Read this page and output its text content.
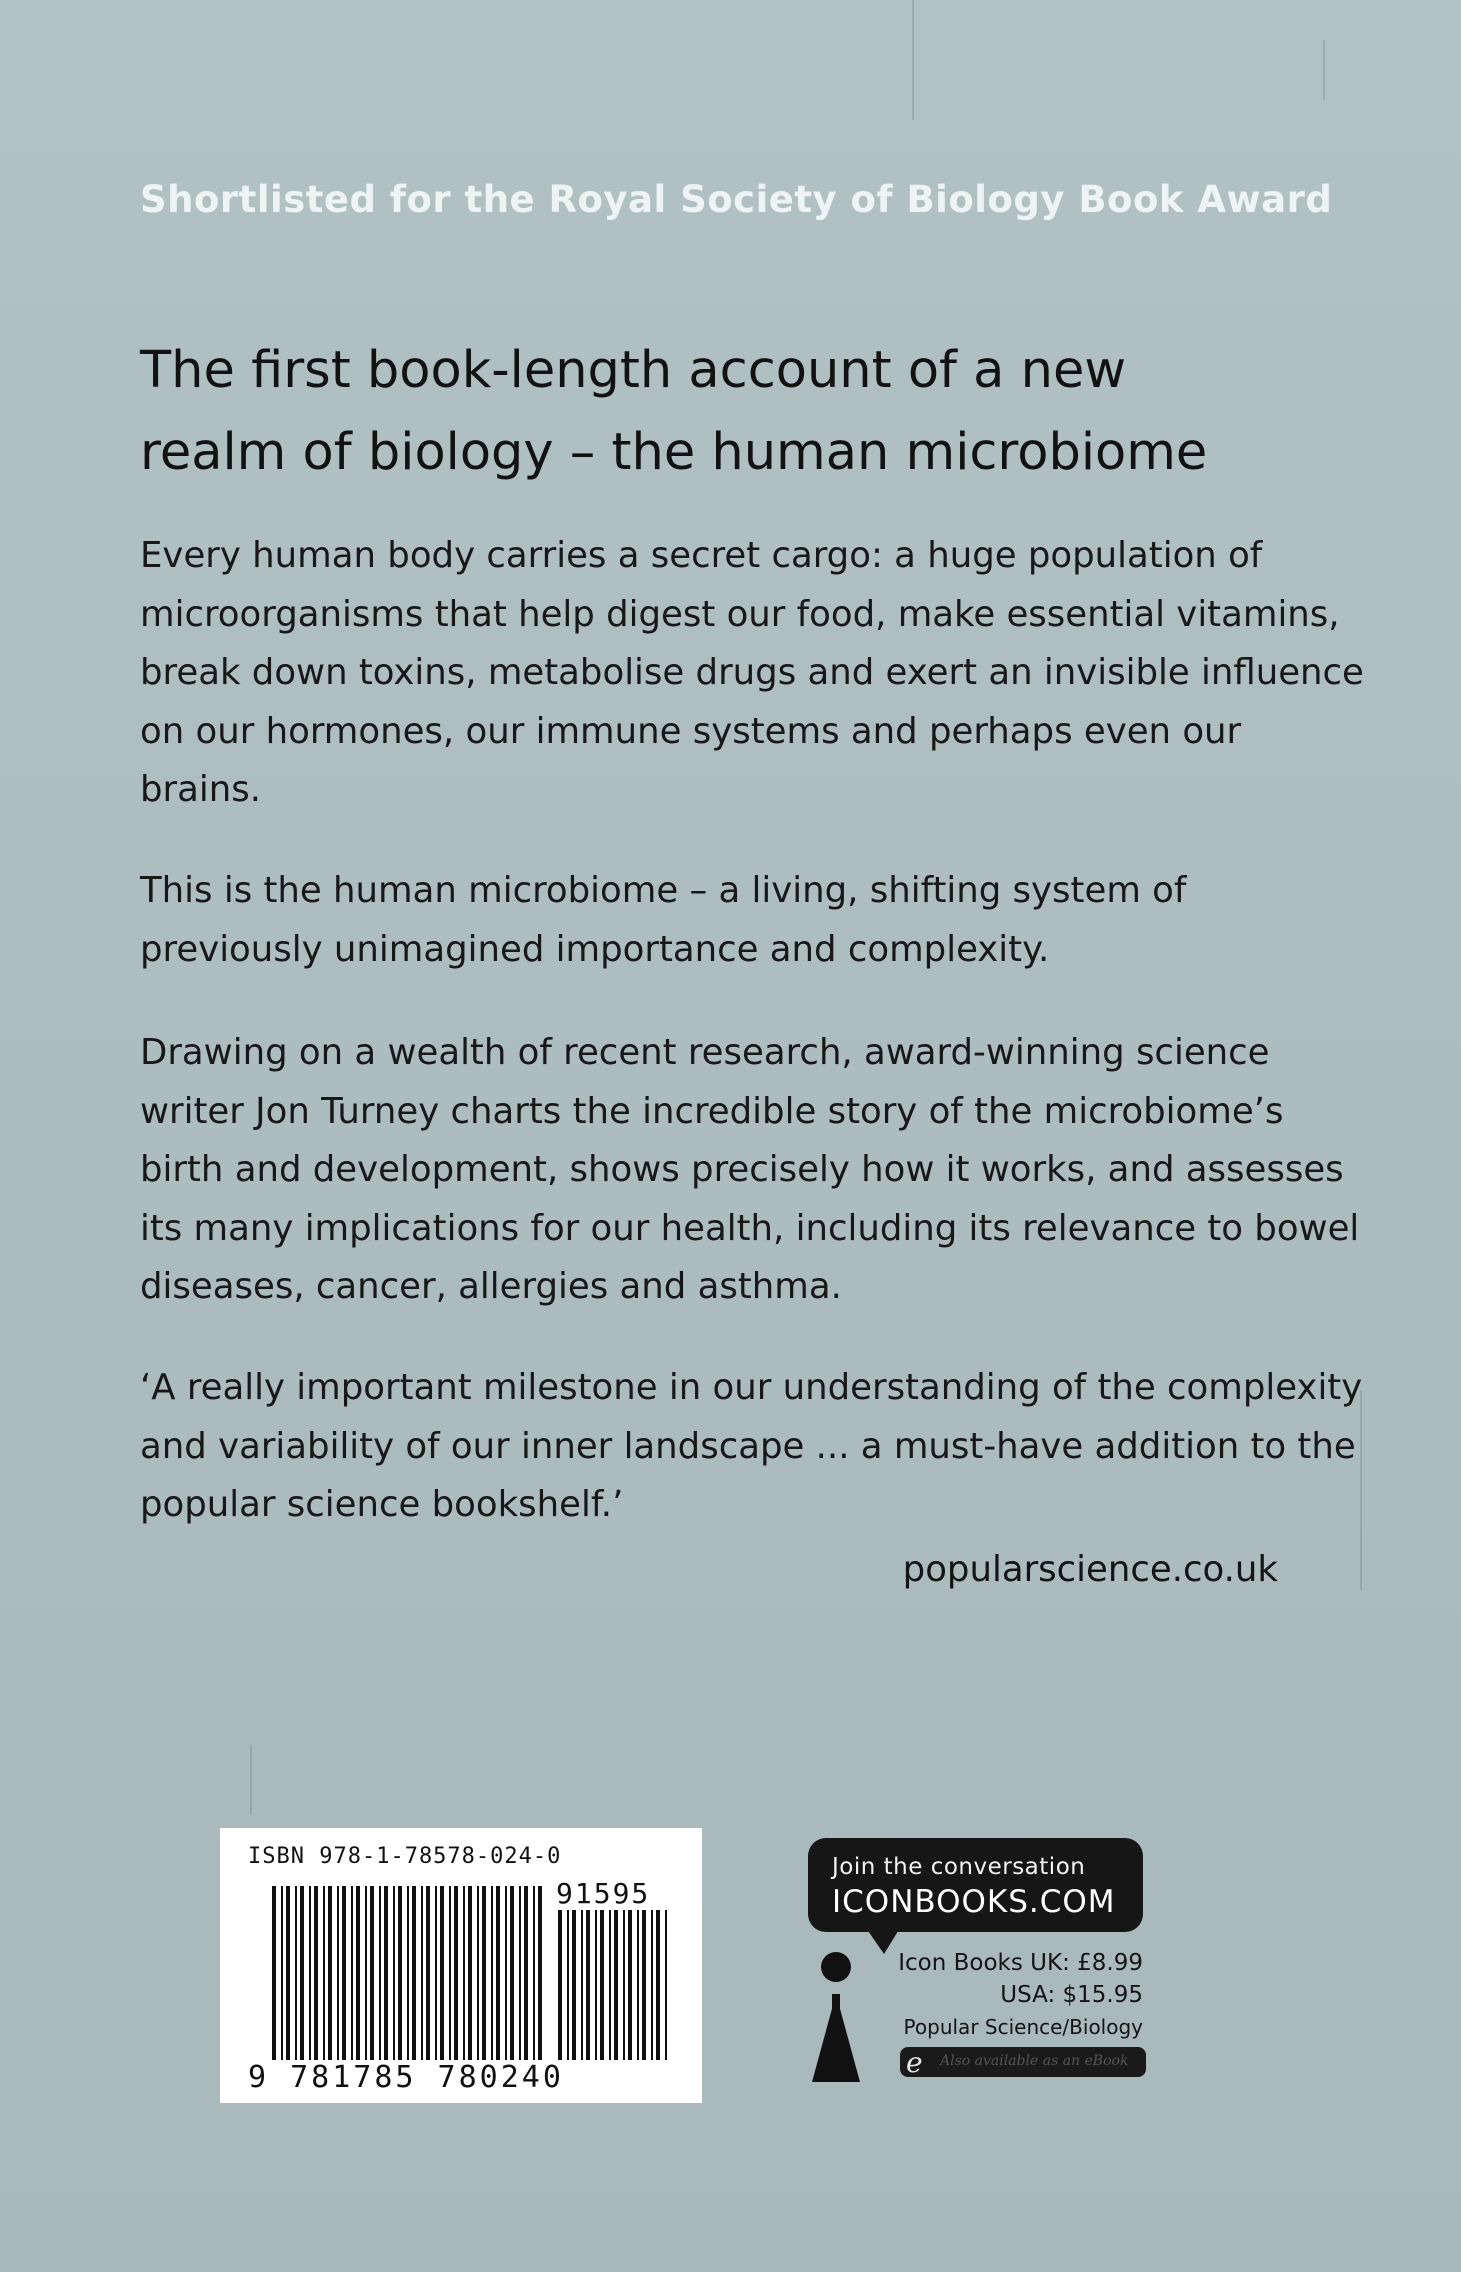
Shortlisted for the Royal Society of Biology Book Award
The first book-length account of a new
realm of biology – the human microbiome
Every human body carries a secret cargo: a huge population of microorganisms that help digest our food, make essential vitamins, break down toxins, metabolise drugs and exert an invisible influence on our hormones, our immune systems and perhaps even our brains.
This is the human microbiome – a living, shifting system of previously unimagined importance and complexity.
Drawing on a wealth of recent research, award-winning science writer Jon Turney charts the incredible story of the microbiome’s birth and development, shows precisely how it works, and assesses its many implications for our health, including its relevance to bowel diseases, cancer, allergies and asthma.
‘A really important milestone in our understanding of the complexity and variability of our inner landscape ... a must-have addition to the popular science bookshelf.’
popularscience.co.uk
ISBN 978-1-78578-024-0
91595
9 781785 780240
Join the conversation
ICONBOOKS.COM
Icon Books UK: £8.99
USA: $15.95
Popular Science/Biology
e Also available as an eBook
